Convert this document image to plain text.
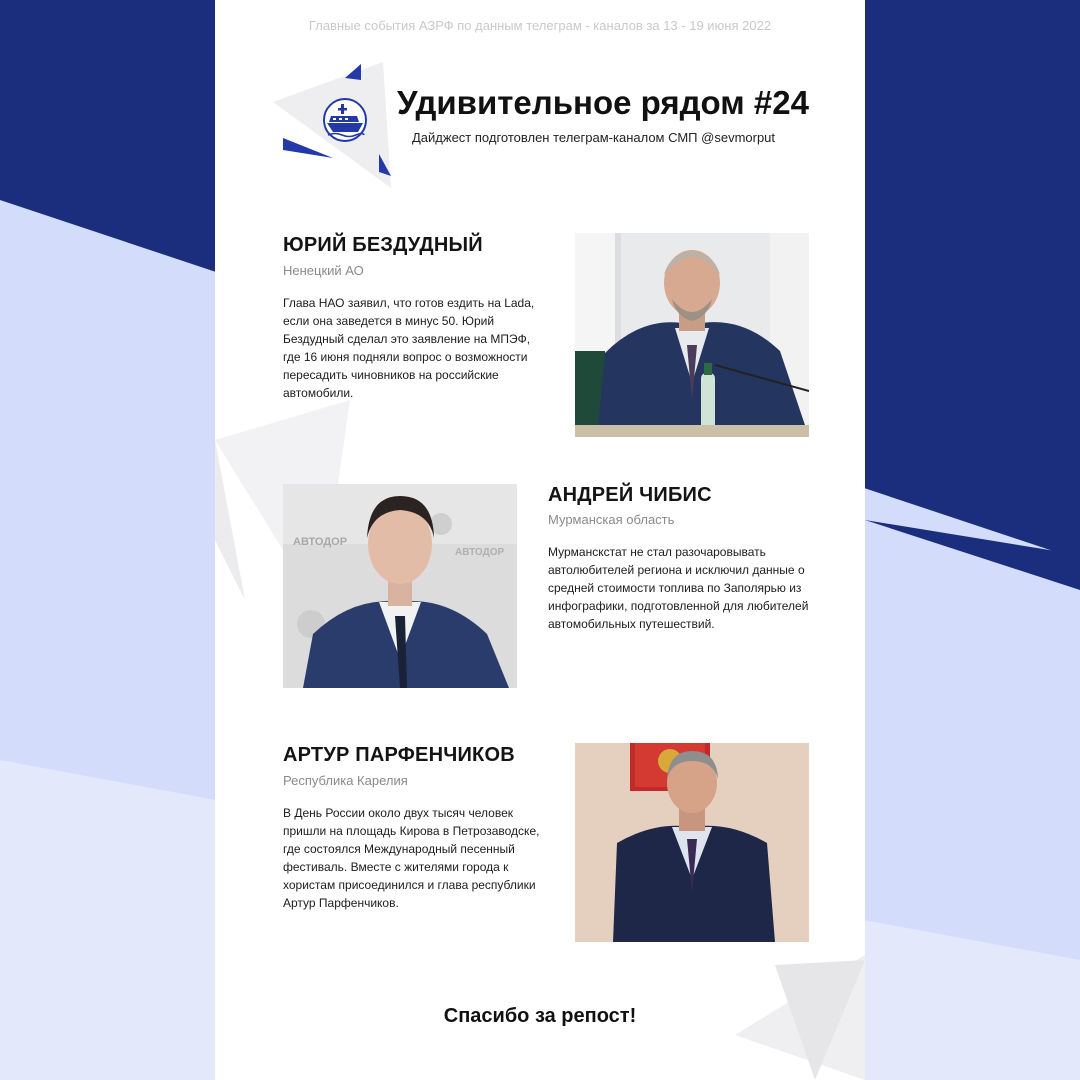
Главные события АЗРФ по данным телеграм - каналов за 13 - 19 июня 2022
Удивительное рядом #24
Дайджест подготовлен телеграм-каналом СМП @sevmorput
ЮРИЙ БЕЗДУДНЫЙ
Ненецкий АО
Глава НАО заявил, что готов ездить на Lada, если она заведется в минус 50. Юрий Бездудный сделал это заявление на МПЭФ, где 16 июня подняли вопрос о возможности пересадить чиновников на российские автомобили.
АВТОДОР
АВТОДОР
АНДРЕЙ ЧИБИС
Мурманская область
Мурманскстат не стал разочаровывать автолюбителей региона и исключил данные о средней стоимости топлива по Заполярью из инфографики, подготовленной для любителей автомобильных путешествий.
АРТУР ПАРФЕНЧИКОВ
Республика Карелия
В День России около двух тысяч человек пришли на площадь Кирова в Петрозаводске, где состоялся Международный песенный фестиваль. Вместе с жителями города к хористам присоединился и глава республики Артур Парфенчиков.
Спасибо за репост!
